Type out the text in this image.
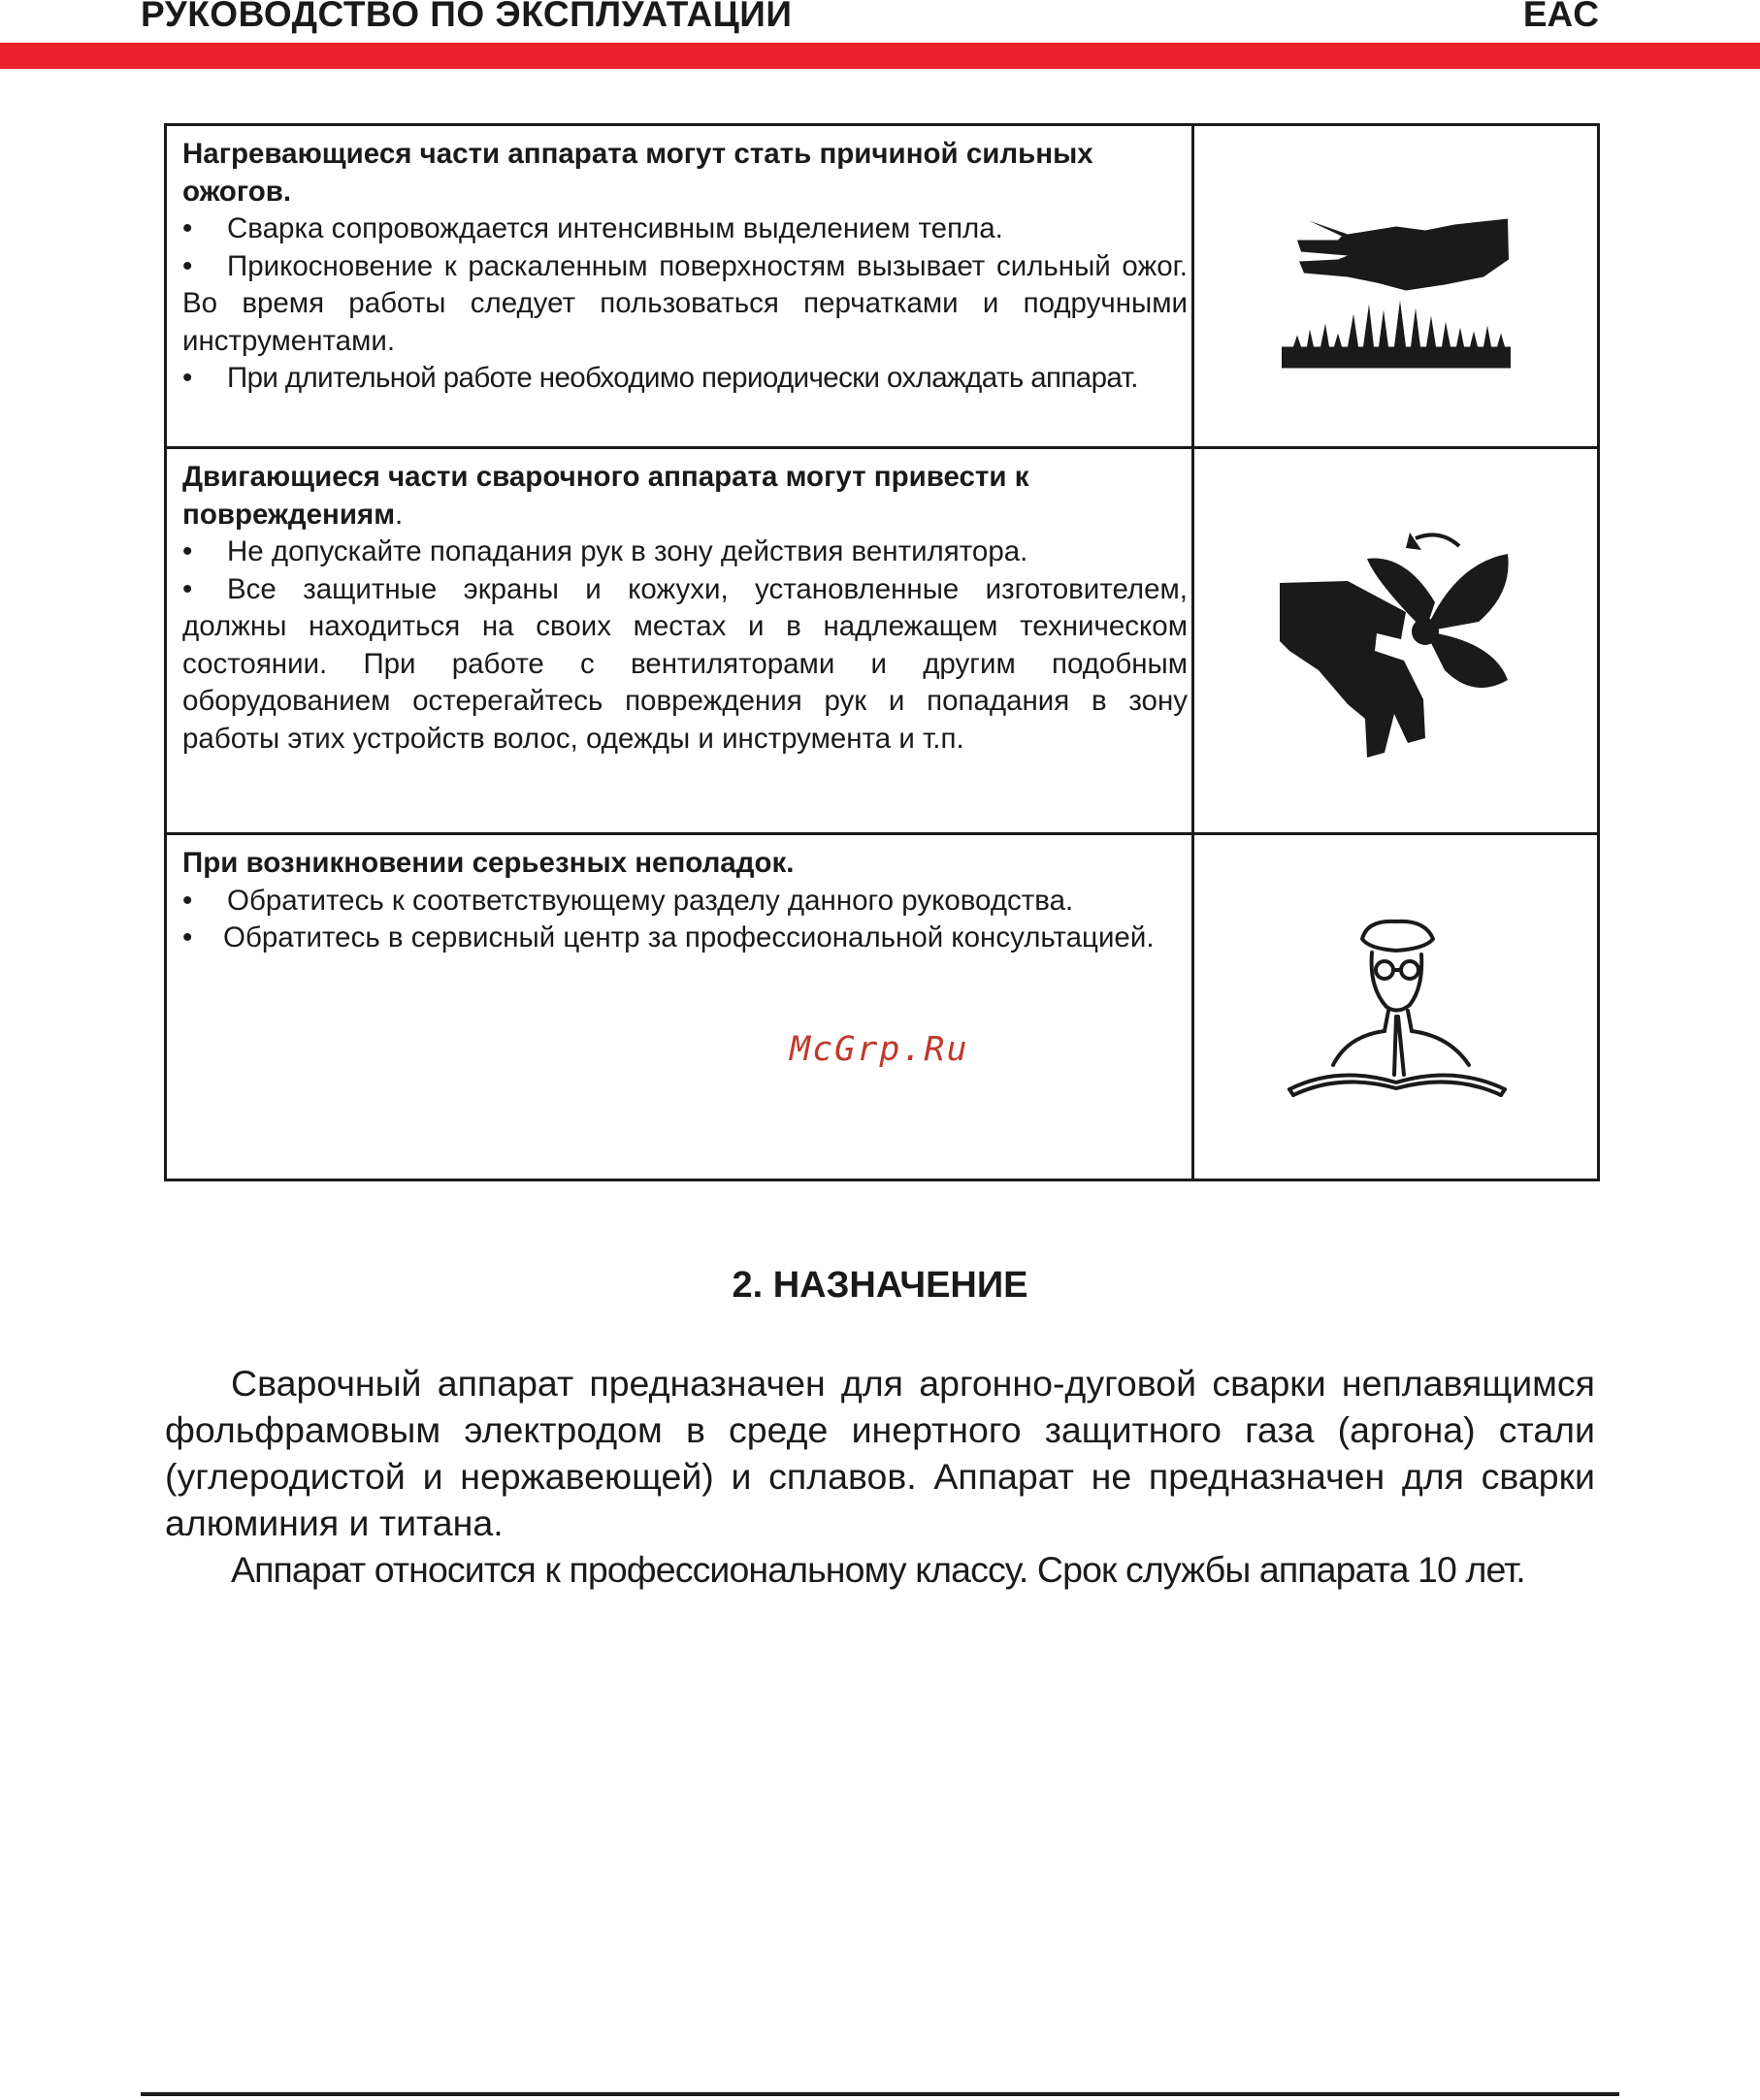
РУКОВОДСТВО ПО ЭКСПЛУАТАЦИИ	EAC
Нагревающиеся части аппарата могут стать причиной сильных ожогов.
• Сварка сопровождается интенсивным выделением тепла.
• Прикосновение к раскаленным поверхностям вызывает сильный ожог. Во время работы следует пользоваться перчатками и подручными инструментами.
• При длительной работе необходимо периодически охлаждать аппарат.
Двигающиеся части сварочного аппарата могут привести к повреждениям.
• Не допускайте попадания рук в зону действия вентилятора.
• Все защитные экраны и кожухи, установленные изготовителем, должны находиться на своих местах и в надлежащем техническом состоянии. При работе с вентиляторами и другим подобным оборудованием остерегайтесь повреждения рук и попадания в зону работы этих устройств волос, одежды и инструмента и т.п.
При возникновении серьезных неполадок.
• Обратитесь к соответствующему разделу данного руководства.
• Обратитесь в сервисный центр за профессиональной консультацией.
McGrp.Ru
2. НАЗНАЧЕНИЕ

Сварочный аппарат предназначен для аргонно-дуговой сварки неплавящимся фольфрамовым электродом в среде инертного защитного газа (аргона) стали (углеродистой и нержавеющей) и сплавов. Аппарат не предназначен для сварки алюминия и титана.

Аппарат относится к профессиональному классу. Срок службы аппарата 10 лет.
